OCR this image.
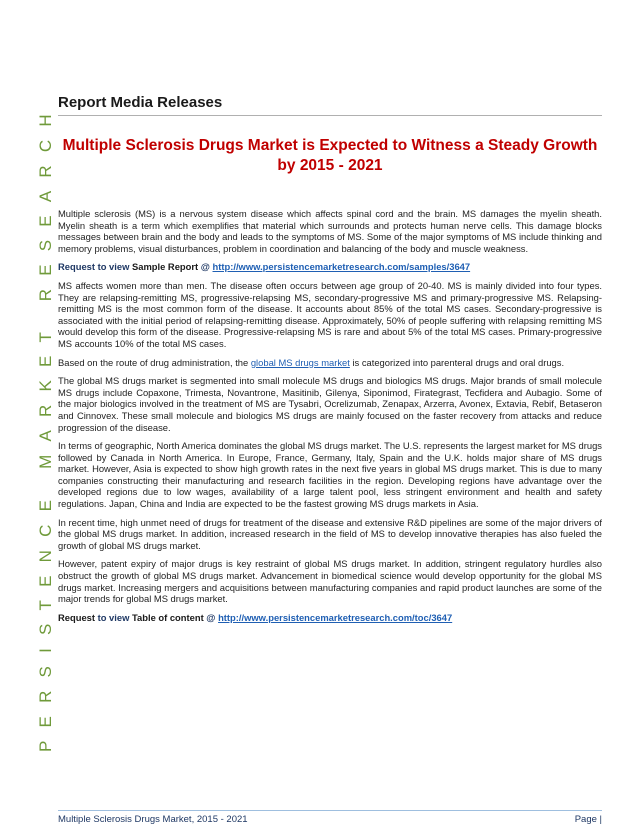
PERSISTENCE MARKET RESEARCH Report Media Releases
Multiple Sclerosis Drugs Market is Expected to Witness a Steady Growth by 2015 - 2021

Multiple sclerosis (MS) is a nervous system disease which affects spinal cord and the brain. MS damages the myelin sheath. Myelin sheath is a term which exemplifies that material which surrounds and protects human nerve cells. This damage blocks messages between brain and the body and leads to the symptoms of MS. Some of the major symptoms of MS include thinking and memory problems, visual disturbances, problem in coordination and balancing of the body and muscle weakness.

Request to view Sample Report @ http://www.persistencemarketresearch.com/samples/3647

MS affects women more than men. The disease often occurs between age group of 20-40. MS is mainly divided into four types. They are relapsing-remitting MS, progressive-relapsing MS, secondary-progressive MS and primary-progressive MS. Relapsing-remitting MS is the most common form of the disease. It accounts about 85% of the total MS cases. Secondary-progressive is associated with the initial period of relapsing-remitting disease. Approximately, 50% of people suffering with relapsing remitting MS would develop this form of the disease. Progressive-relapsing MS is rare and about 5% of the total MS cases. Primary-progressive MS accounts 10% of the total MS cases.

Based on the route of drug administration, the global MS drugs market is categorized into parenteral drugs and oral drugs.

The global MS drugs market is segmented into small molecule MS drugs and biologics MS drugs. Major brands of small molecule MS drugs include Copaxone, Trimesta, Novantrone, Masitinib, Gilenya, Siponimod, Firategrast, Tecfidera and Aubagio. Some of the major biologics involved in the treatment of MS are Tysabri, Ocrelizumab, Zenapax, Arzerra, Avonex, Extavia, Rebif, Betaseron and Cinnovex. These small molecule and biologics MS drugs are mainly focused on the faster recovery from attacks and reduce progression of the disease.

In terms of geographic, North America dominates the global MS drugs market. The U.S. represents the largest market for MS drugs followed by Canada in North America. In Europe, France, Germany, Italy, Spain and the U.K. holds major share of MS drugs market. However, Asia is expected to show high growth rates in the next five years in global MS drugs market. This is due to many companies constructing their manufacturing and research facilities in the region. Developing regions have advantage over the developed regions due to low wages, availability of a large talent pool, less stringent environment and health and safety regulations. Japan, China and India are expected to be the fastest growing MS drugs markets in Asia.

In recent time, high unmet need of drugs for treatment of the disease and extensive R&D pipelines are some of the major drivers of the global MS drugs market. In addition, increased research in the field of MS to develop innovative therapies has also fueled the growth of global MS drugs market.

However, patent expiry of major drugs is key restraint of global MS drugs market. In addition, stringent regulatory hurdles also obstruct the growth of global MS drugs market. Advancement in biomedical science would develop opportunity for the global MS drugs market. Increasing mergers and acquisitions between manufacturing companies and rapid product launches are some of the major trends for global MS drugs market.

Request to view Table of content @ http://www.persistencemarketresearch.com/toc/3647

Multiple Sclerosis Drugs Market, 2015 - 2021	Page |
